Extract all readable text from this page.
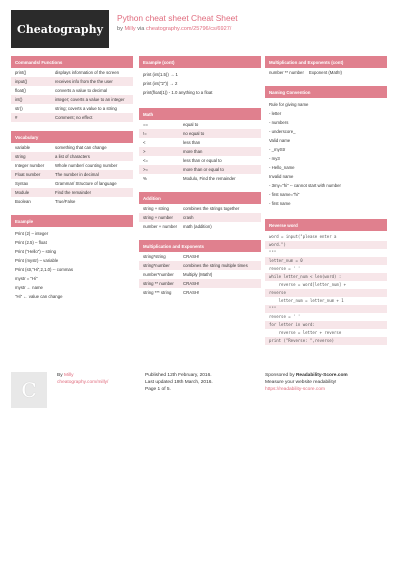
Cheatography
Python cheat sheet Cheat Sheet
by Milly via cheatography.com/25796/cs/6927/
Commands/ Functions
print()	displays information of the screen
input()	receives info from the the user
float()	converts a value to decimal
int()	integer; coverts a value to an integer
str()	string; coverts a value to a string
#	Comment; no effect
Vocabulary
variable	something that can change
string	a list of characters
Integer number	Whole number/ counting number
Float number	The number in decimal
Syntax	Grammar/ Structure of language
Module	Find the remainder
Boolean	True/False
Example
Print (2) – integer
Print (2.5) – float
Print ("Hello") – string
Print (mystr) – variable
Print (str,"Hi",2,1.0) -- commas
mystr = "Hi"
mystr ← name
"Hi" ← value can change
Example (cont)
print (int(1.5)) → 1
print (int("2")) → 2
print(float(1)) - 1.0 anything to a float
Math
==	equal to
!=	no equal to
<	less than
>	more than
<=	less than or equal to
>=	more than or equal to
%	Modulo, Find the remainder
Addition
string + string	combines the strings together
string + number	crash
number + number	math (addition)
Multiplication and Exponents
string*string	CRASH!
string*number	combines the string multiple times
number*number	Multiply (Math!)
string ** number	CRASH!
string *** string	CRASH!
Multiplication and Exponents (cont)
number ** number	Exponent (Math!)
Naming Convention
Rule for giving name
- letter
- numbers
- underscore_
Valid name
- _myStr
- my3
- Hello_name
Invalid name
- 3my="hi" -- cannot start with number
- first name="hi"
- first name
Reverse word
word = input("please enter a
word.")
"""
letter_num = 0
reverse = ' '
while letter_num < len(word) :
reverse = word[letter_num] +
reverse
letter_num = letter_num + 1
"""
reverse = ' '
for letter in word:
reverse = letter + reverse
print ("Reverse: ",reverse)
C
By Milly
cheatography.com/milly/
Published 12th February, 2016.
Last updated 19th March, 2016.
Page 1 of 5.
Sponsored by Readability-Score.com
Measure your website readability!
https://readability-score.com
